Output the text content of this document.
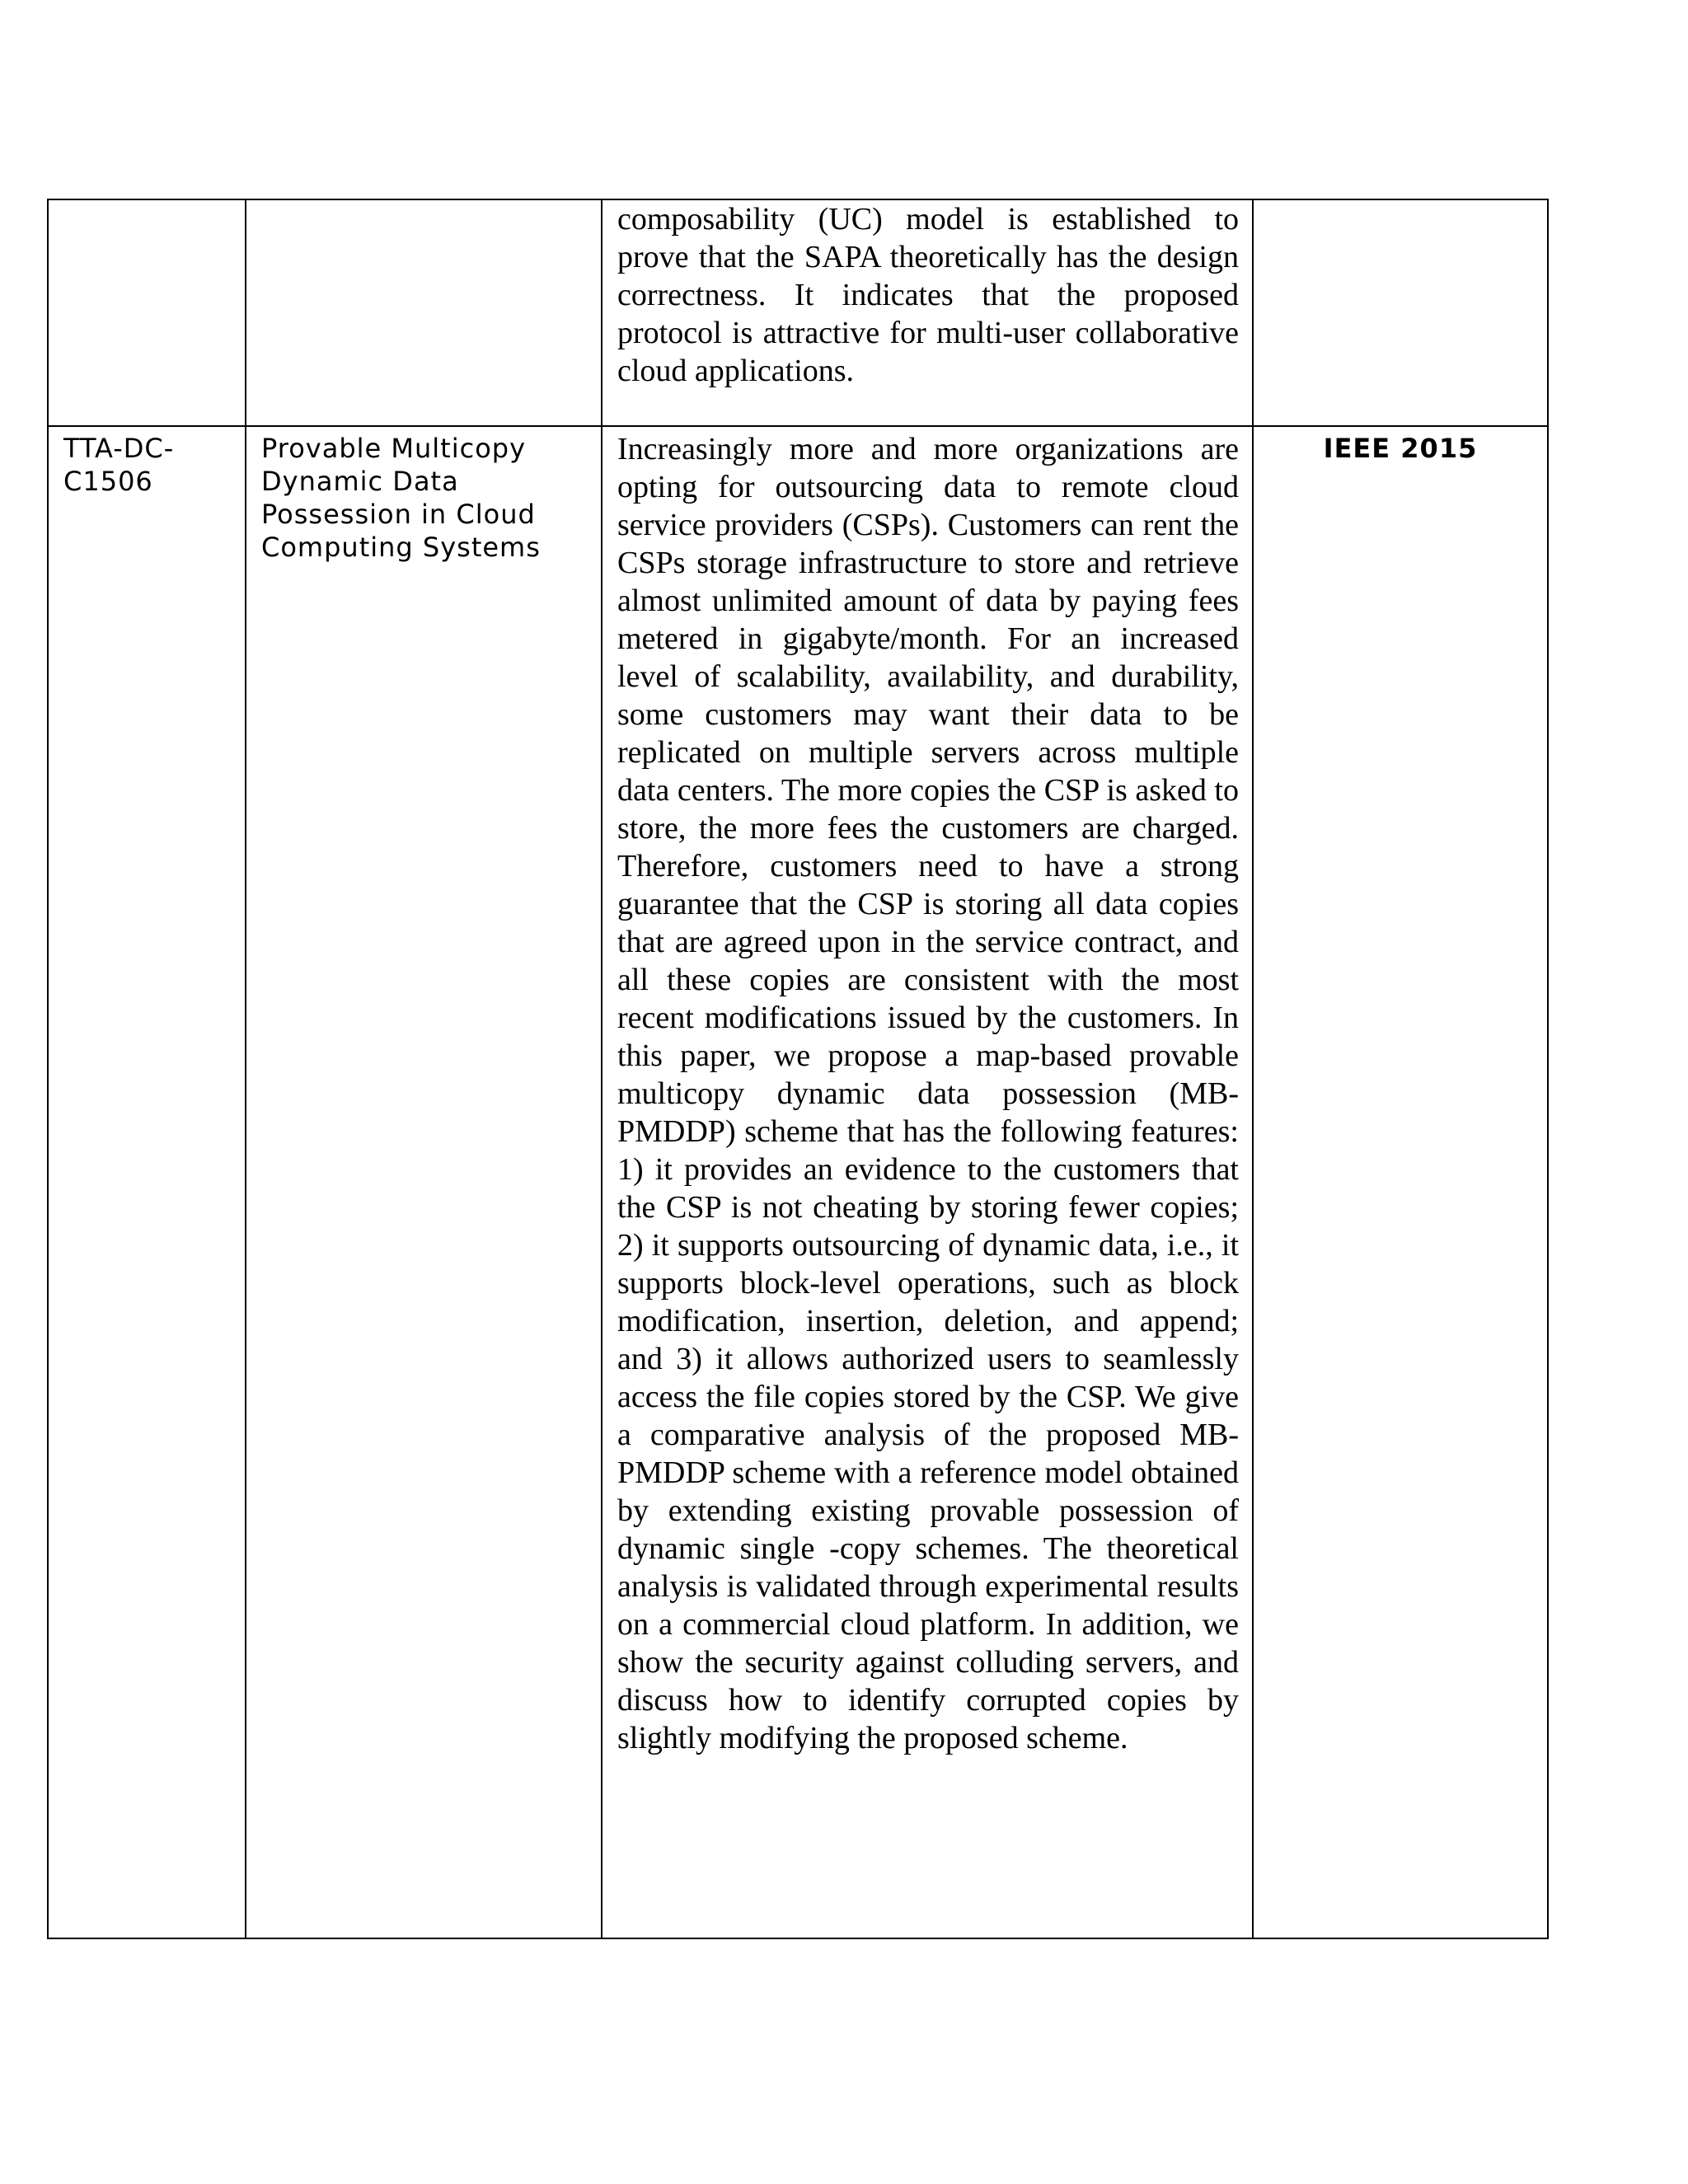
		composability (UC) model is established to prove that the SAPA theoretically has the design correctness. It indicates that the proposed protocol is attractive for multi-user collaborative cloud applications.	

TTA-DC-C1506	Provable Multicopy Dynamic Data Possession in Cloud Computing Systems	Increasingly more and more organizations are opting for outsourcing data to remote cloud service providers (CSPs). Customers can rent the CSPs storage infrastructure to store and retrieve almost unlimited amount of data by paying fees metered in gigabyte/month. For an increased level of scalability, availability, and durability, some customers may want their data to be replicated on multiple servers across multiple data centers. The more copies the CSP is asked to store, the more fees the customers are charged. Therefore, customers need to have a strong guarantee that the CSP is storing all data copies that are agreed upon in the service contract, and all these copies are consistent with the most recent modifications issued by the customers. In this paper, we propose a map-based provable multicopy dynamic data possession (MB-PMDDP) scheme that has the following features: 1) it provides an evidence to the customers that the CSP is not cheating by storing fewer copies; 2) it supports outsourcing of dynamic data, i.e., it supports block-level operations, such as block modification, insertion, deletion, and append; and 3) it allows authorized users to seamlessly access the file copies stored by the CSP. We give a comparative analysis of the proposed MB-PMDDP scheme with a reference model obtained by extending existing provable possession of dynamic single -copy schemes. The theoretical analysis is validated through experimental results on a commercial cloud platform. In addition, we show the security against colluding servers, and discuss how to identify corrupted copies by slightly modifying the proposed scheme.	IEEE 2015
